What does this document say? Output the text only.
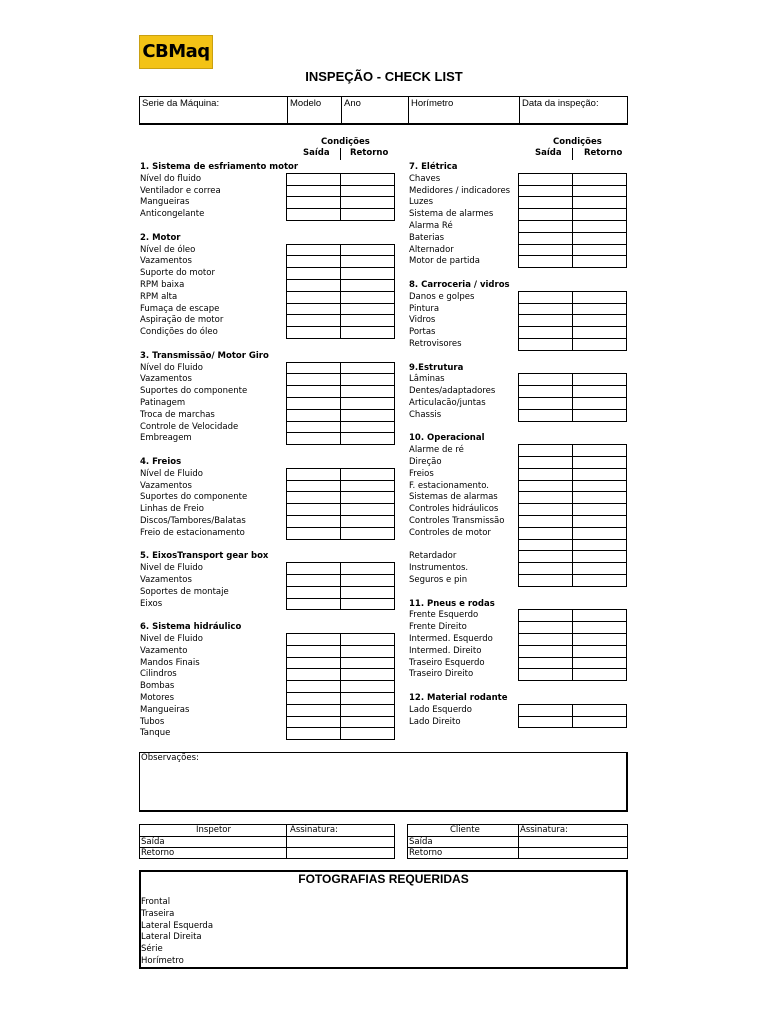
CBMaq
INSPEÇÃO - CHECK LIST
Serie da Máquina:	Modelo	Ano	Horímetro	Data da inspeção:
Condições
Saída Retorno
Condições
Saída	Retorno
1. Sistema de esfriamento motor
Nível do fluido
Ventilador e correa
Mangueiras
Anticongelante
2. Motor
Nível de óleo
Vazamentos
Suporte do motor
RPM baixa
RPM alta
Fumaça de escape
Aspiração de motor
Condições do óleo
3. Transmissão/ Motor Giro
Nível do Fluido
Vazamentos
Suportes do componente
Patinagem
Troca de marchas
Controle de Velocidade
Embreagem
4. Freios
Nível de Fluido
Vazamentos
Suportes do componente
Linhas de Freio
Discos/Tambores/Balatas
Freio de estacionamento
5. EixosTransport gear box
Nivel de Fluido
Vazamentos
Soportes de montaje
Eixos
6. Sistema hidráulico
Nivel de Fluido
Vazamento
Mandos Finais
Cilindros
Bombas
Motores
Mangueiras
Tubos
Tanque
7. Elétrica
Chaves
Medidores / indicadores
Luzes
Sistema de alarmes
Alarma Ré
Baterias
Alternador
Motor de partida
8. Carroceria / vidros
Danos e golpes
Pintura
Vidros
Portas
Retrovisores
9.Estrutura
Lâminas
Dentes/adaptadores
Articulacão/juntas
Chassis
10. Operacional
Alarme de ré
Direção
Freios
F. estacionamento.
Sistemas de alarmas
Controles hidráulicos
Controles Transmissão
Controles de motor
Retardador
Instrumentos.
Seguros e pin
11. Pneus e rodas
Frente Esquerdo
Frente Direito
Intermed. Esquerdo
Intermed. Direito
Traseiro Esquerdo
Traseiro Direito
12. Material rodante
Lado Esquerdo
Lado Direito
Observações:
Inspetor	Assinatura:
Saída
Retorno
Cliente	Assinatura:
Saída
Retorno
FOTOGRAFIAS REQUERIDAS
Frontal
Traseira
Lateral Esquerda
Lateral Direita
Série
Horímetro
